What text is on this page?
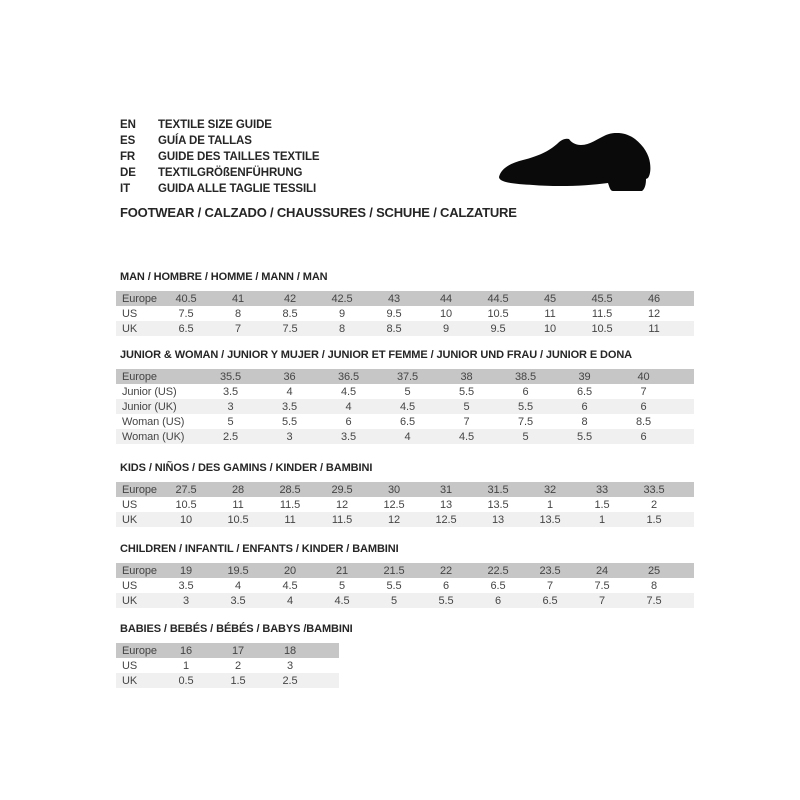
EN	TEXTILE SIZE GUIDE
ES	GUÍA DE TALLAS
FR	GUIDE DES TAILLES TEXTILE
DE	TEXTILGRÖßENFÜHRUNG
IT	GUIDA ALLE TAGLIE TESSILI
FOOTWEAR / CALZADO / CHAUSSURES / SCHUHE / CALZATURE
MAN / HOMBRE / HOMME / MANN / MAN
Europe	40.5	41	42	42.5	43	44	44.5	45	45.5	46	
US	7.5	8	8.5	9	9.5	10	10.5	11	11.5	12	
UK	6.5	7	7.5	8	8.5	9	9.5	10	10.5	11	
JUNIOR & WOMAN / JUNIOR Y MUJER / JUNIOR ET FEMME / JUNIOR UND FRAU / JUNIOR E DONA
Europe	35.5	36	36.5	37.5	38	38.5	39	40	
Junior (US)	3.5	4	4.5	5	5.5	6	6.5	7	
Junior (UK)	3	3.5	4	4.5	5	5.5	6	6	
Woman (US)	5	5.5	6	6.5	7	7.5	8	8.5	
Woman (UK)	2.5	3	3.5	4	4.5	5	5.5	6	
KIDS / NIÑOS / DES GAMINS / KINDER / BAMBINI
Europe	27.5	28	28.5	29.5	30	31	31.5	32	33	33.5	
US	10.5	11	11.5	12	12.5	13	13.5	1	1.5	2	
UK	10	10.5	11	11.5	12	12.5	13	13.5	1	1.5	
CHILDREN / INFANTIL / ENFANTS / KINDER / BAMBINI
Europe	19	19.5	20	21	21.5	22	22.5	23.5	24	25	
US	3.5	4	4.5	5	5.5	6	6.5	7	7.5	8	
UK	3	3.5	4	4.5	5	5.5	6	6.5	7	7.5	
BABIES / BEBÉS / BÉBÉS / BABYS /BAMBINI
Europe	16	17	18	
US	1	2	3	
UK	0.5	1.5	2.5	
